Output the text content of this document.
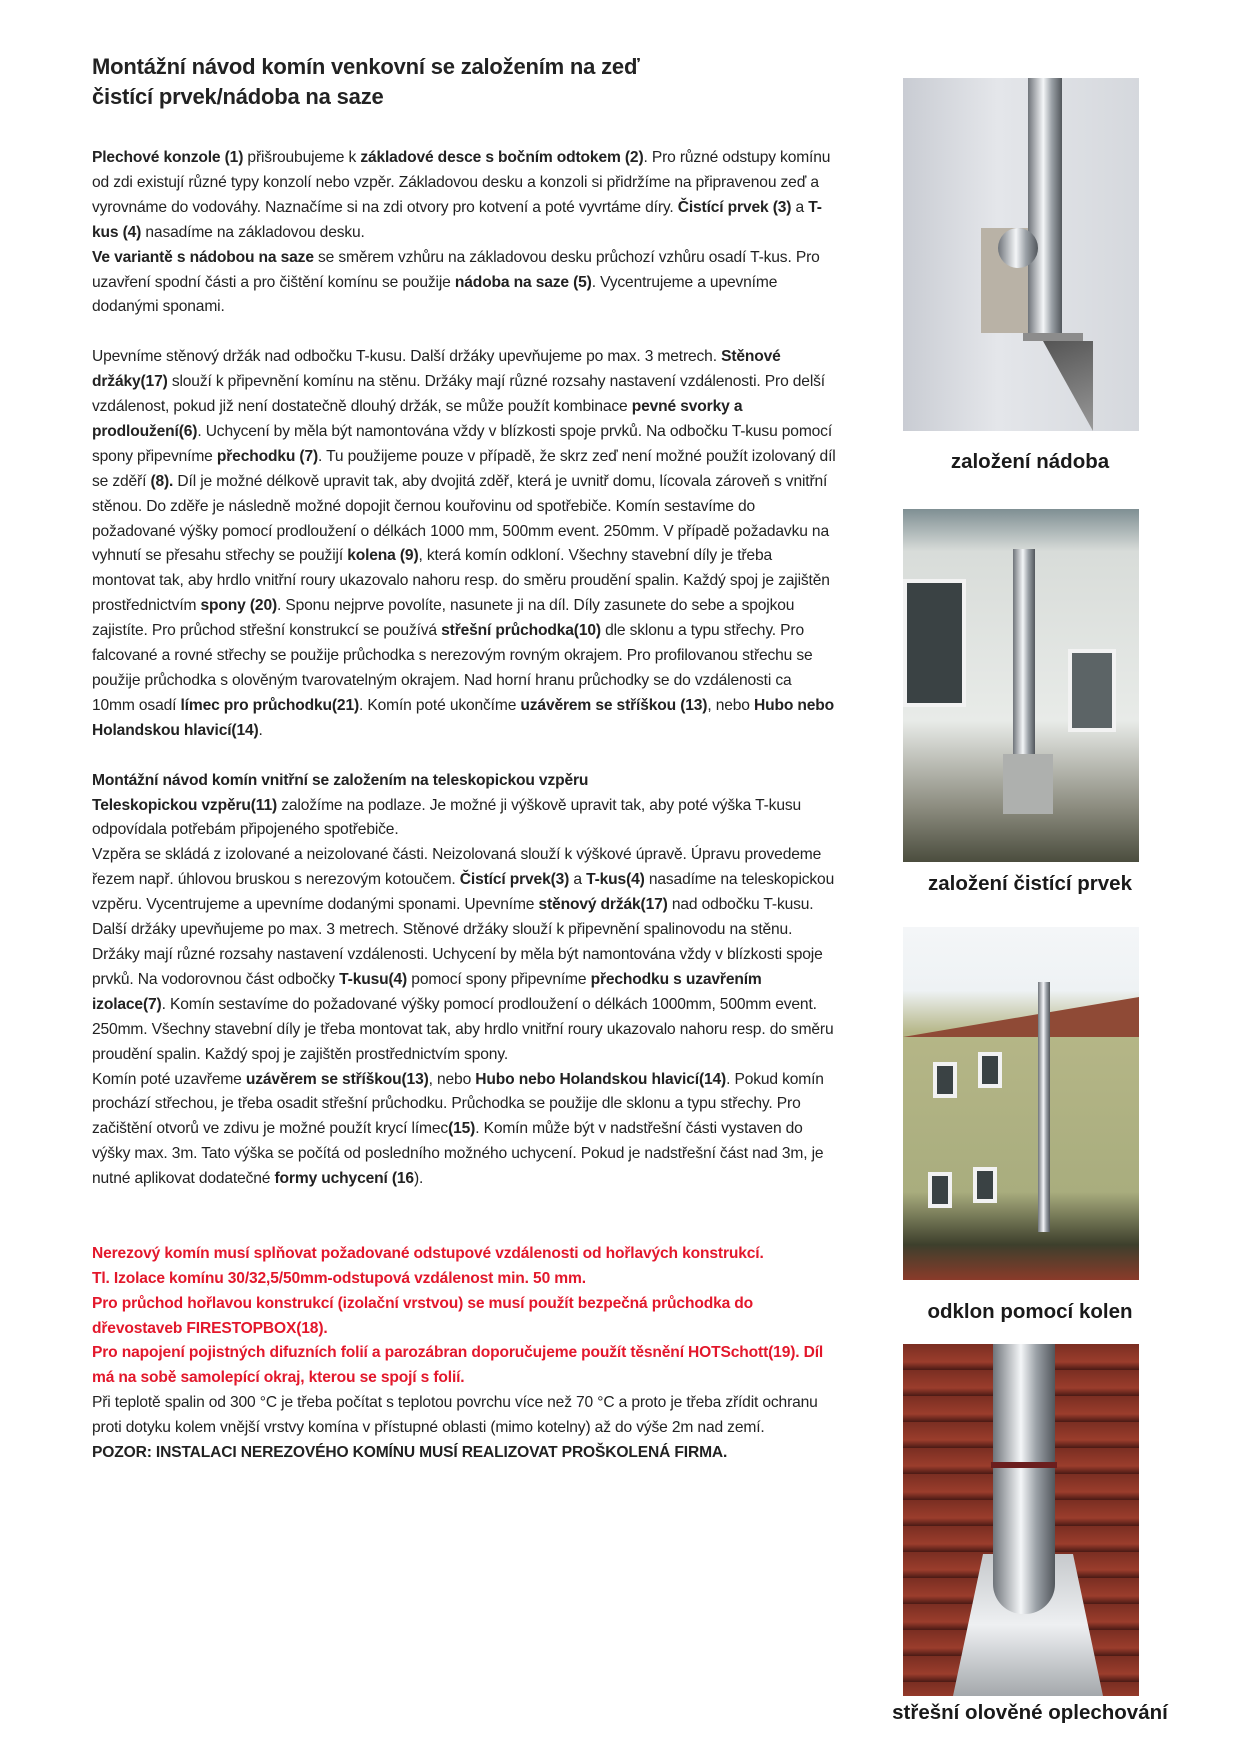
Montážní návod komín venkovní se založením na zeď
čistící prvek/nádoba na saze

Plechové konzole (1) přišroubujeme k základové desce s bočním odtokem (2). Pro různé odstupy komínu od zdi existují různé typy konzolí nebo vzpěr. Základovou desku a konzoli si přidržíme na připravenou zeď a vyrovnáme do vodováhy. Naznačíme si na zdi otvory pro kotvení a poté vyvrtáme díry. Čistící prvek (3) a T-kus (4) nasadíme na základovou desku.

Ve variantě s nádobou na saze se směrem vzhůru na základovou desku průchozí vzhůru osadí T-kus. Pro uzavření spodní části a pro čištění komínu se použije nádoba na saze (5). Vycentrujeme a upevníme dodanými sponami.

Upevníme stěnový držák nad odbočku T-kusu. Další držáky upevňujeme po max. 3 metrech. Stěnové držáky(17) slouží k připevnění komínu na stěnu. Držáky mají různé rozsahy nastavení vzdálenosti. Pro delší vzdálenost, pokud již není dostatečně dlouhý držák, se může použít kombinace pevné svorky a prodloužení(6). Uchycení by měla být namontována vždy v blízkosti spoje prvků. Na odbočku T-kusu pomocí spony připevníme přechodku (7). Tu použijeme pouze v případě, že skrz zeď není možné použít izolovaný díl se zděří (8). Díl je možné délkově upravit tak, aby dvojitá zděř, která je uvnitř domu, lícovala zároveň s vnitřní stěnou. Do zděře je následně možné dopojit černou kouřovinu od spotřebiče. Komín sestavíme do požadované výšky pomocí prodloužení o délkách 1000 mm, 500mm event. 250mm. V případě požadavku na vyhnutí se přesahu střechy se použijí kolena (9), která komín odkloní. Všechny stavební díly je třeba montovat tak, aby hrdlo vnitřní roury ukazovalo nahoru resp. do směru proudění spalin. Každý spoj je zajištěn prostřednictvím spony (20). Sponu nejprve povolíte, nasunete ji na díl. Díly zasunete do sebe a spojkou zajistíte. Pro průchod střešní konstrukcí se používá střešní průchodka(10) dle sklonu a typu střechy. Pro falcované a rovné střechy se použije průchodka s nerezovým rovným okrajem. Pro profilovanou střechu se použije průchodka s olověným tvarovatelným okrajem. Nad horní hranu průchodky se do vzdálenosti ca 10mm osadí límec pro průchodku(21). Komín poté ukončíme uzávěrem se stříškou (13), nebo Hubo nebo Holandskou hlavicí(14).

Montážní návod komín vnitřní se založením na teleskopickou vzpěru

Teleskopickou vzpěru(11) založíme na podlaze. Je možné ji výškově upravit tak, aby poté výška T-kusu odpovídala potřebám připojeného spotřebiče.

Vzpěra se skládá z izolované a neizolované části. Neizolovaná slouží k výškové úpravě. Úpravu provedeme řezem např. úhlovou bruskou s nerezovým kotoučem. Čistící prvek(3) a T-kus(4) nasadíme na teleskopickou vzpěru. Vycentrujeme a upevníme dodanými sponami. Upevníme stěnový držák(17) nad odbočku T-kusu. Další držáky upevňujeme po max. 3 metrech. Stěnové držáky slouží k připevnění spalinovodu na stěnu. Držáky mají různé rozsahy nastavení vzdálenosti. Uchycení by měla být namontována vždy v blízkosti spoje prvků. Na vodorovnou část odbočky T-kusu(4) pomocí spony připevníme přechodku s uzavřením izolace(7). Komín sestavíme do požadované výšky pomocí prodloužení o délkách 1000mm, 500mm event. 250mm. Všechny stavební díly je třeba montovat tak, aby hrdlo vnitřní roury ukazovalo nahoru resp. do směru proudění spalin. Každý spoj je zajištěn prostřednictvím spony.

Komín poté uzavřeme uzávěrem se stříškou(13), nebo Hubo nebo Holandskou hlavicí(14). Pokud komín prochází střechou, je třeba osadit střešní průchodku. Průchodka se použije dle sklonu a typu střechy. Pro začištění otvorů ve zdivu je možné použít krycí límec(15). Komín může být v nadstřešní části vystaven do výšky max. 3m. Tato výška se počítá od posledního možného uchycení. Pokud je nadstřešní část nad 3m, je nutné aplikovat dodatečné formy uchycení (16).

Nerezový komín musí splňovat požadované odstupové vzdálenosti od hořlavých konstrukcí.

Tl. Izolace komínu 30/32,5/50mm-odstupová vzdálenost min. 50 mm.

Pro průchod hořlavou konstrukcí (izolační vrstvou) se musí použít bezpečná průchodka do dřevostaveb FIRESTOPBOX(18).

Pro napojení pojistných difuzních folií a parozábran doporučujeme použít těsnění HOTSchott(19). Díl má na sobě samolepící okraj, kterou se spojí s folií.

Při teplotě spalin od 300 °C je třeba počítat s teplotou povrchu více než 70 °C a proto je třeba zřídit ochranu proti dotyku kolem vnější vrstvy komína v přístupné oblasti (mimo kotelny) až do výše 2m nad zemí.

POZOR: INSTALACI NEREZOVÉHO KOMÍNU MUSÍ REALIZOVAT PROŠKOLENÁ FIRMA.

založení nádoba
založení čistící prvek
odklon pomocí kolen
střešní olověné oplechování
